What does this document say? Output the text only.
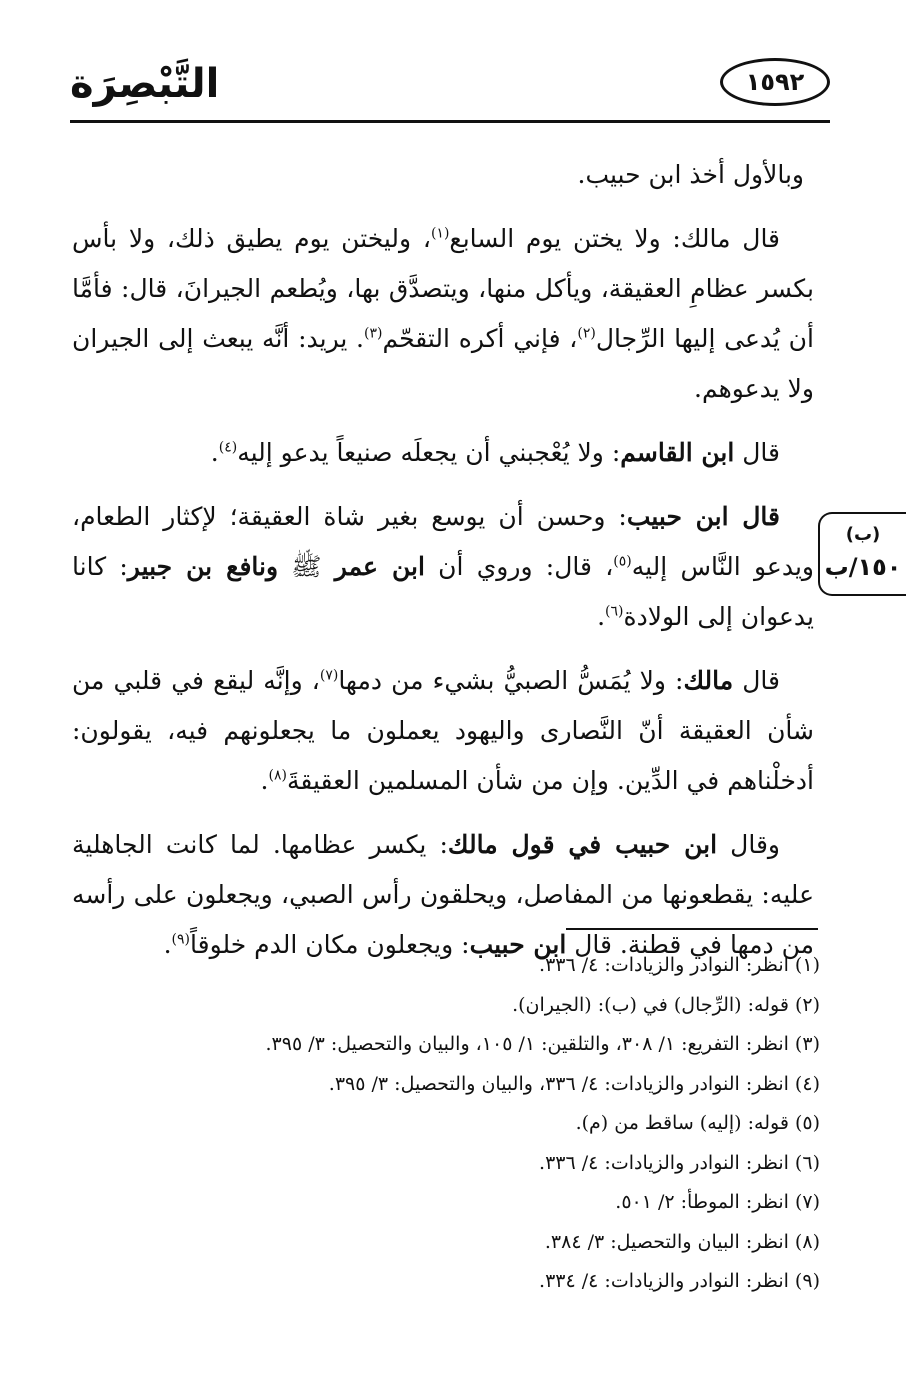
التَّبْصِرَة	١٥٩٢

وبالأول أخذ ابن حبيب.

قال مالك: ولا يختن يوم السابع$^{(١)}$، وليختن يوم يطيق ذلك، ولا بأس بكسر عظامِ العقيقة، ويأكل منها، ويتصدَّق بها، ويُطعم الجيرانَ، قال: فأمَّا أن يُدعى إليها الرِّجال$^{(٢)}$، فإني أكره التقحّم$^{(٣)}$. يريد: أنَّه يبعث إلى الجيران ولا يدعوهم.

قال ابن القاسم: ولا يُعْجبني أن يجعلَه صنيعاً يدعو إليه$^{(٤)}$.

قال ابن حبيب: وحسن أن يوسع بغير شاة العقيقة؛ لإكثار الطعام، ويدعو النَّاس إليه$^{(٥)}$، قال: وروي أن ابن عمر ﷺ ونافع بن جبير: كانا يدعوان إلى الولادة$^{(٦)}$.

قال مالك: ولا يُمَسُّ الصبيُّ بشيء من دمها$^{(٧)}$، وإنَّه ليقع في قلبي من شأن العقيقة أنّ النَّصارى واليهود يعملون ما يجعلونهم فيه، يقولون: أدخلْناهم في الدِّين. وإن من شأن المسلمين العقيقةَ$^{(٨)}$.

وقال ابن حبيب في قول مالك: يكسر عظامها. لما كانت الجاهلية عليه: يقطعونها من المفاصل، ويحلقون رأس الصبي، ويجعلون على رأسه من دمها في قطنة. قال ابن حبيب: ويجعلون مكان الدم خلوقاً$^{(٩)}$.

(ب)
١٥٠/ب
(١) انظر: النوادر والزيادات: ٤/ ٣٣٦.
(٢) قوله: (الرِّجال) في (ب): (الجيران).
(٣) انظر: التفريع: ١/ ٣٠٨، والتلقين: ١/ ١٠٥، والبيان والتحصيل: ٣/ ٣٩٥.
(٤) انظر: النوادر والزيادات: ٤/ ٣٣٦، والبيان والتحصيل: ٣/ ٣٩٥.
(٥) قوله: (إليه) ساقط من (م).
(٦) انظر: النوادر والزيادات: ٤/ ٣٣٦.
(٧) انظر: الموطأ: ٢/ ٥٠١.
(٨) انظر: البيان والتحصيل: ٣/ ٣٨٤.
(٩) انظر: النوادر والزيادات: ٤/ ٣٣٤.
